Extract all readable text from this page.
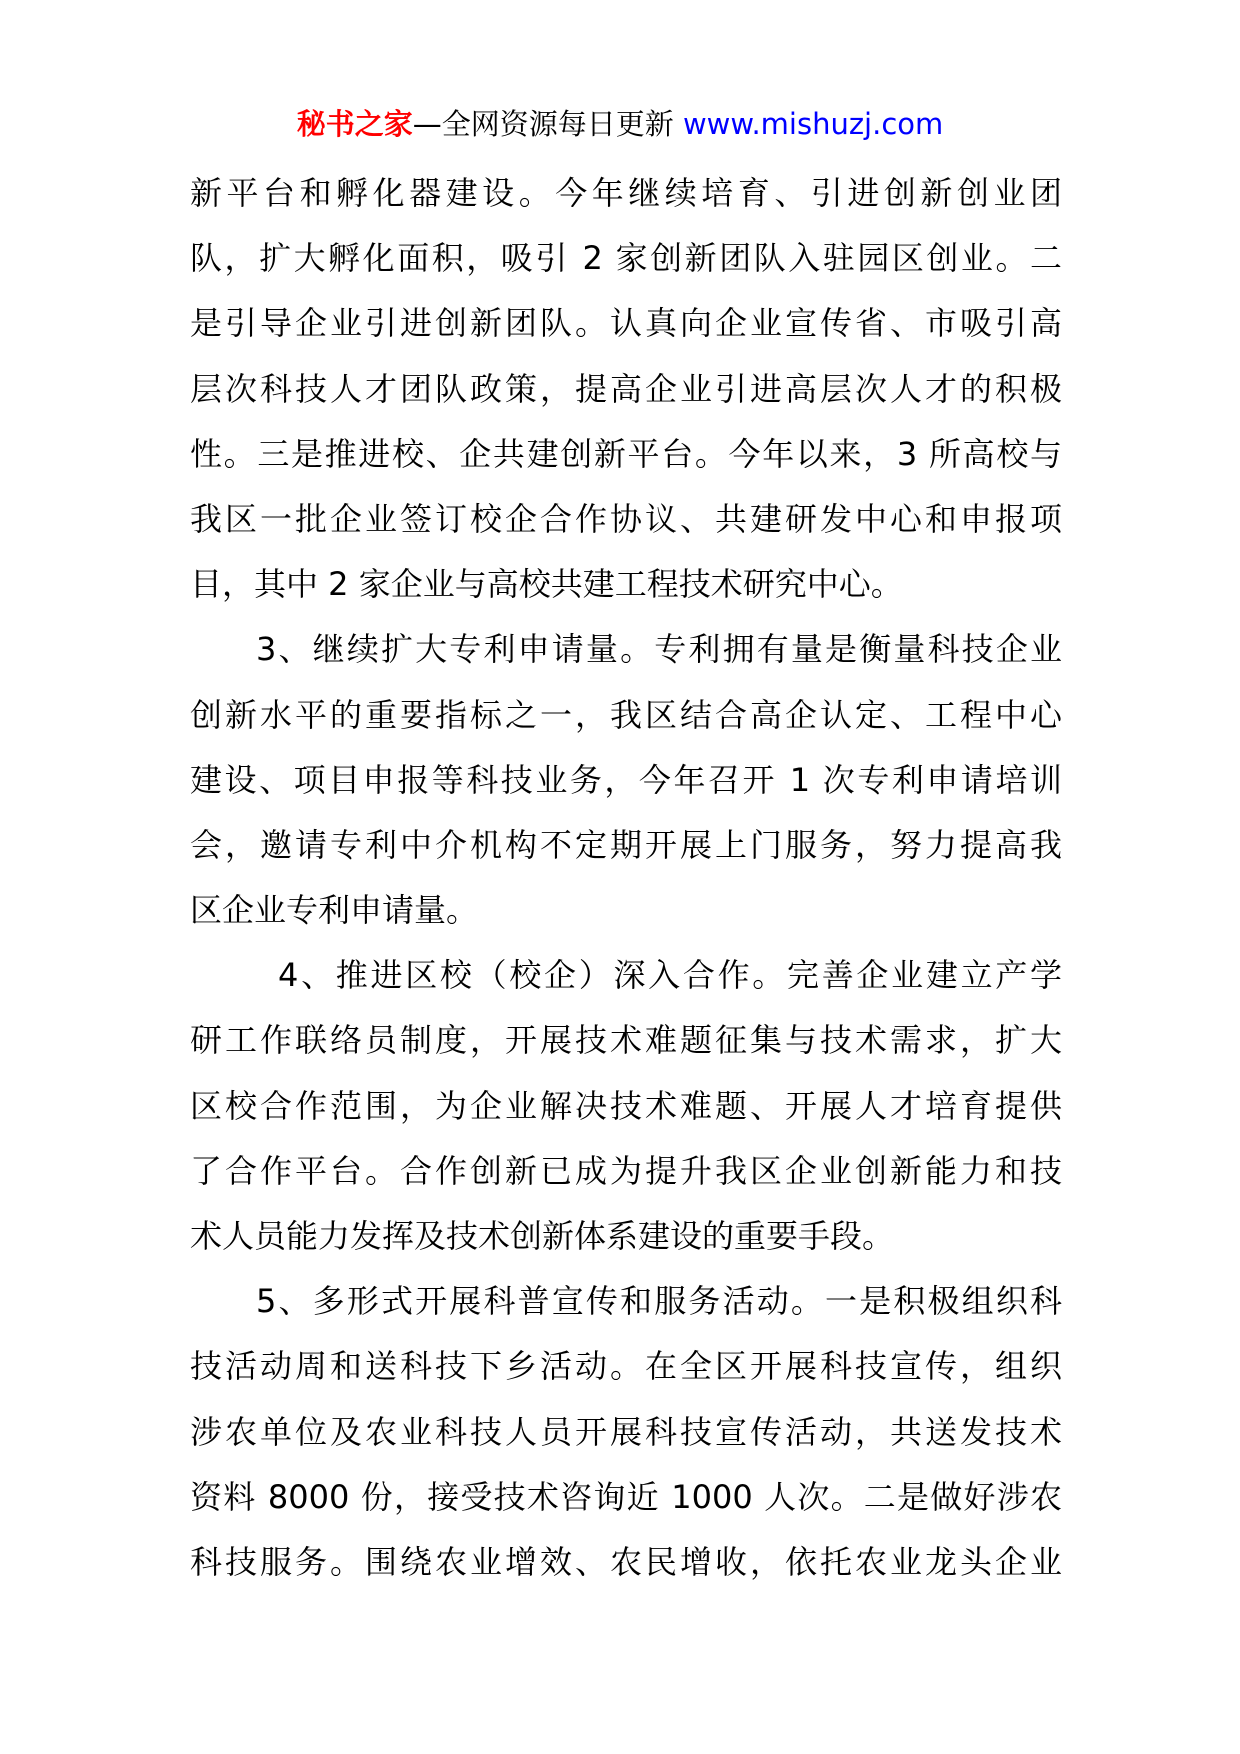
秘书之家—全网资源每日更新 www.mishuzj.com
新平台和孵化器建设。今年继续培育、引进创新创业团
队，扩大孵化面积，吸引 2 家创新团队入驻园区创业。二
是引导企业引进创新团队。认真向企业宣传省、市吸引高
层次科技人才团队政策，提高企业引进高层次人才的积极
性。三是推进校、企共建创新平台。今年以来，3 所高校与
我区一批企业签订校企合作协议、共建研发中心和申报项
目，其中 2 家企业与高校共建工程技术研究中心。
3、继续扩大专利申请量。专利拥有量是衡量科技企业
创新水平的重要指标之一，我区结合高企认定、工程中心
建设、项目申报等科技业务，今年召开 1 次专利申请培训
会，邀请专利中介机构不定期开展上门服务，努力提高我
区企业专利申请量。
4、推进区校（校企）深入合作。完善企业建立产学
研工作联络员制度，开展技术难题征集与技术需求，扩大
区校合作范围，为企业解决技术难题、开展人才培育提供
了合作平台。合作创新已成为提升我区企业创新能力和技
术人员能力发挥及技术创新体系建设的重要手段。
5、多形式开展科普宣传和服务活动。一是积极组织科
技活动周和送科技下乡活动。在全区开展科技宣传，组织
涉农单位及农业科技人员开展科技宣传活动，共送发技术
资料 8000 份，接受技术咨询近 1000 人次。二是做好涉农
科技服务。围绕农业增效、农民增收，依托农业龙头企业
